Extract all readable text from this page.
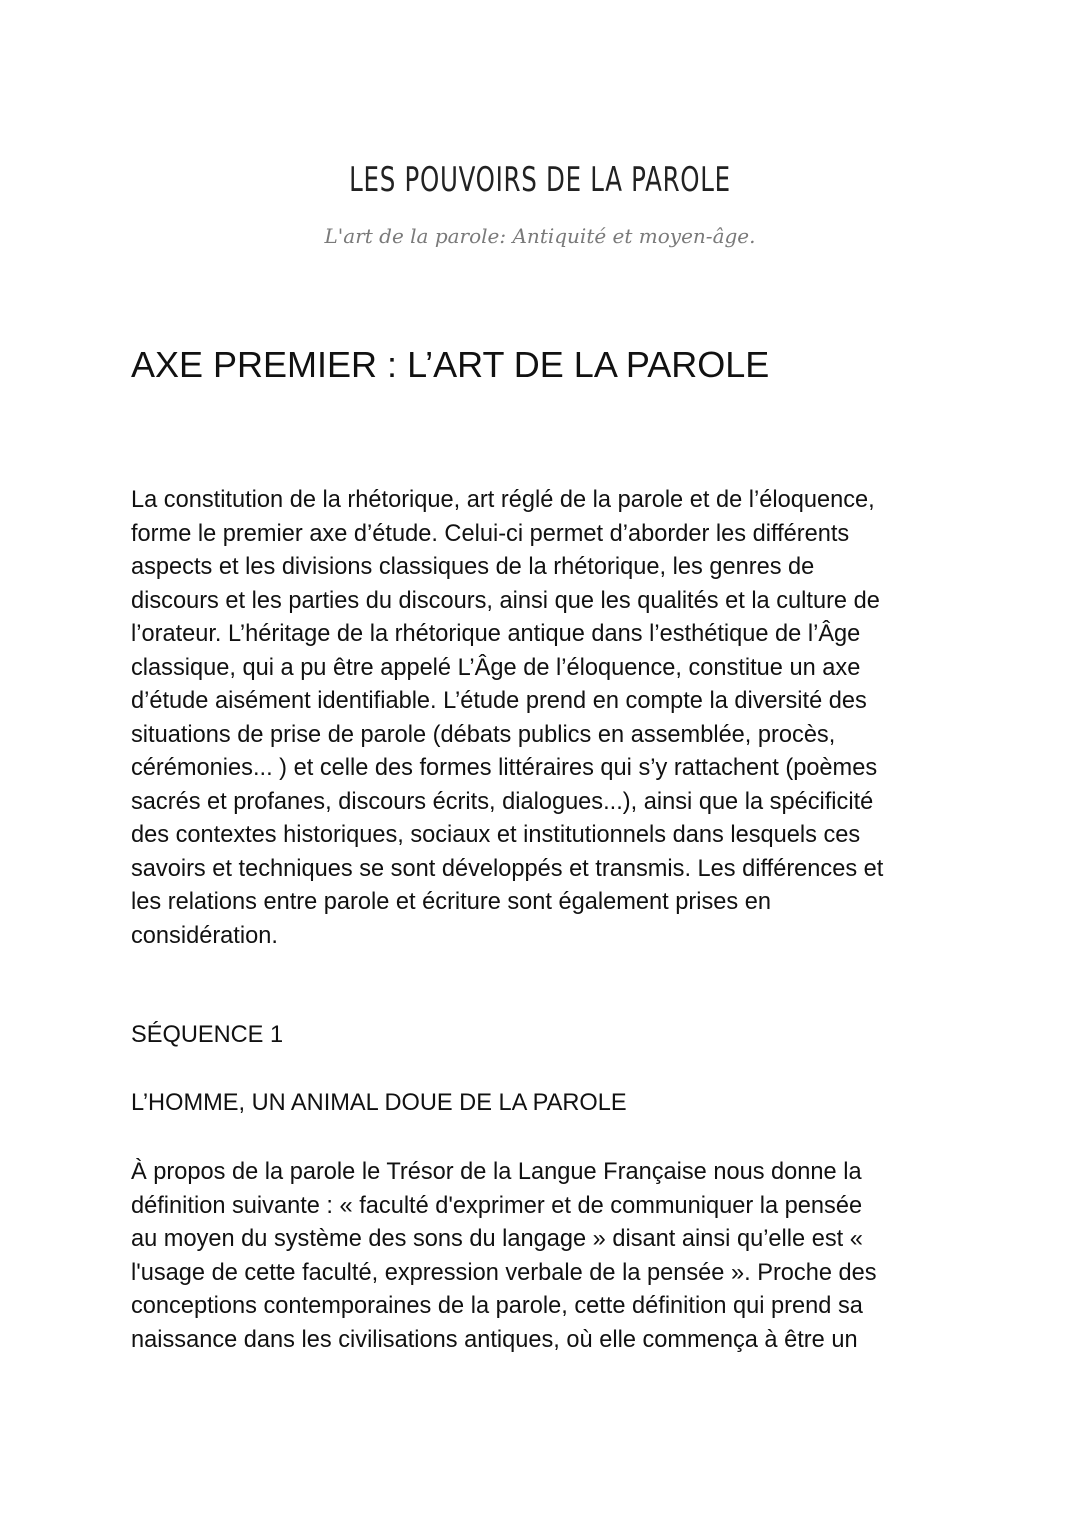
LES POUVOIRS DE LA PAROLE
L'art de la parole: Antiquité et moyen-âge.
AXE PREMIER : L’ART DE LA PAROLE
La constitution de la rhétorique, art réglé de la parole et de l’éloquence,
forme le premier axe d’étude. Celui-ci permet d’aborder les différents
aspects et les divisions classiques de la rhétorique, les genres de
discours et les parties du discours, ainsi que les qualités et la culture de
l’orateur. L’héritage de la rhétorique antique dans l’esthétique de l’Âge
classique, qui a pu être appelé L’Âge de l’éloquence, constitue un axe
d’étude aisément identifiable. L’étude prend en compte la diversité des
situations de prise de parole (débats publics en assemblée, procès,
cérémonies... ) et celle des formes littéraires qui s’y rattachent (poèmes
sacrés et profanes, discours écrits, dialogues...), ainsi que la spécificité
des contextes historiques, sociaux et institutionnels dans lesquels ces
savoirs et techniques se sont développés et transmis. Les différences et
les relations entre parole et écriture sont également prises en
considération.
SÉQUENCE 1
L’HOMME, UN ANIMAL DOUE DE LA PAROLE
À propos de la parole le Trésor de la Langue Française nous donne la
définition suivante : « faculté d'exprimer et de communiquer la pensée
au moyen du système des sons du langage » disant ainsi qu’elle est «
l'usage de cette faculté, expression verbale de la pensée ». Proche des
conceptions contemporaines de la parole, cette définition qui prend sa
naissance dans les civilisations antiques, où elle commença à être un
